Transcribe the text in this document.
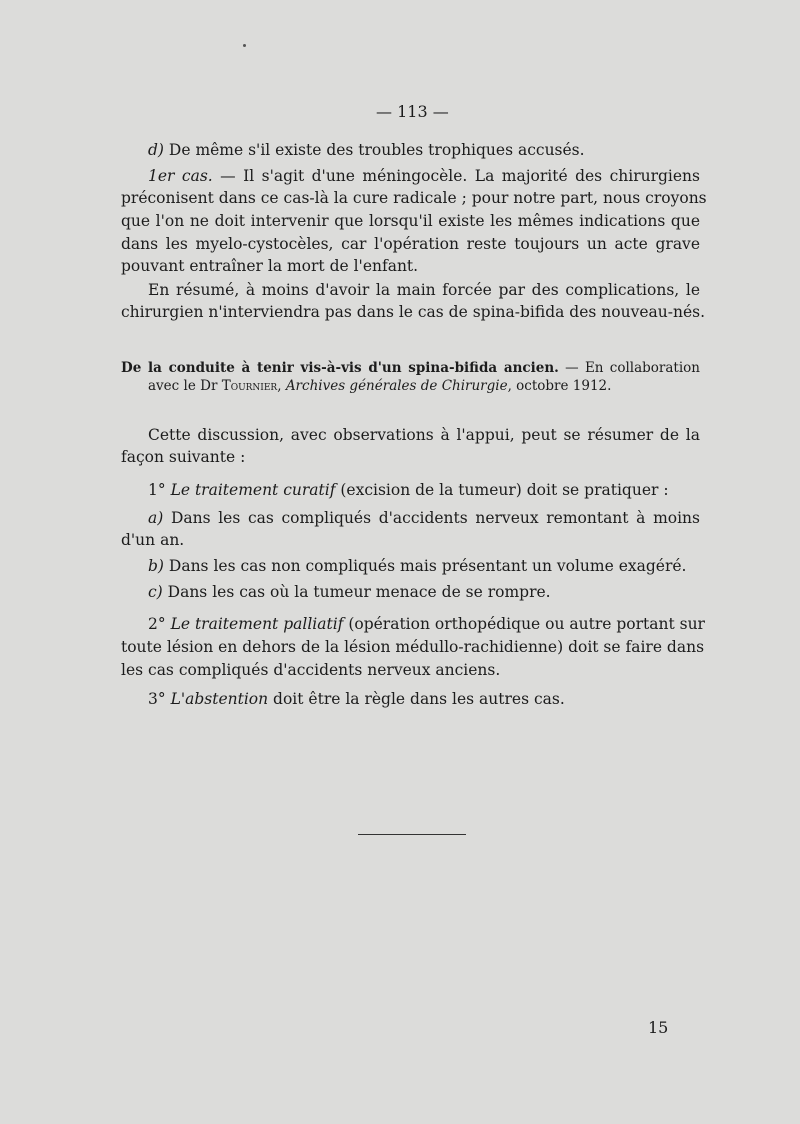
— 113 —
d) De même s'il existe des troubles trophiques accusés.
1er cas. — Il s'agit d'une méningocèle. La majorité des chirurgiens
préconisent dans ce cas-là la cure radicale ; pour notre part, nous croyons
que l'on ne doit intervenir que lorsqu'il existe les mêmes indications que
dans les myelo-cystocèles, car l'opération reste toujours un acte grave
pouvant entraîner la mort de l'enfant.
En résumé, à moins d'avoir la main forcée par des complications, le
chirurgien n'interviendra pas dans le cas de spina-bifida des nouveau-nés.
De la conduite à tenir vis-à-vis d'un spina-bifida ancien. — En collaboration
avec le Dr Tournier, Archives générales de Chirurgie, octobre 1912.
Cette discussion, avec observations à l'appui, peut se résumer de la
façon suivante :
1° Le traitement curatif (excision de la tumeur) doit se pratiquer :
a) Dans les cas compliqués d'accidents nerveux remontant à moins
d'un an.
b) Dans les cas non compliqués mais présentant un volume exagéré.
c) Dans les cas où la tumeur menace de se rompre.
2° Le traitement palliatif (opération orthopédique ou autre portant sur
toute lésion en dehors de la lésion médullo-rachidienne) doit se faire dans
les cas compliqués d'accidents nerveux anciens.
3° L'abstention doit être la règle dans les autres cas.
15
